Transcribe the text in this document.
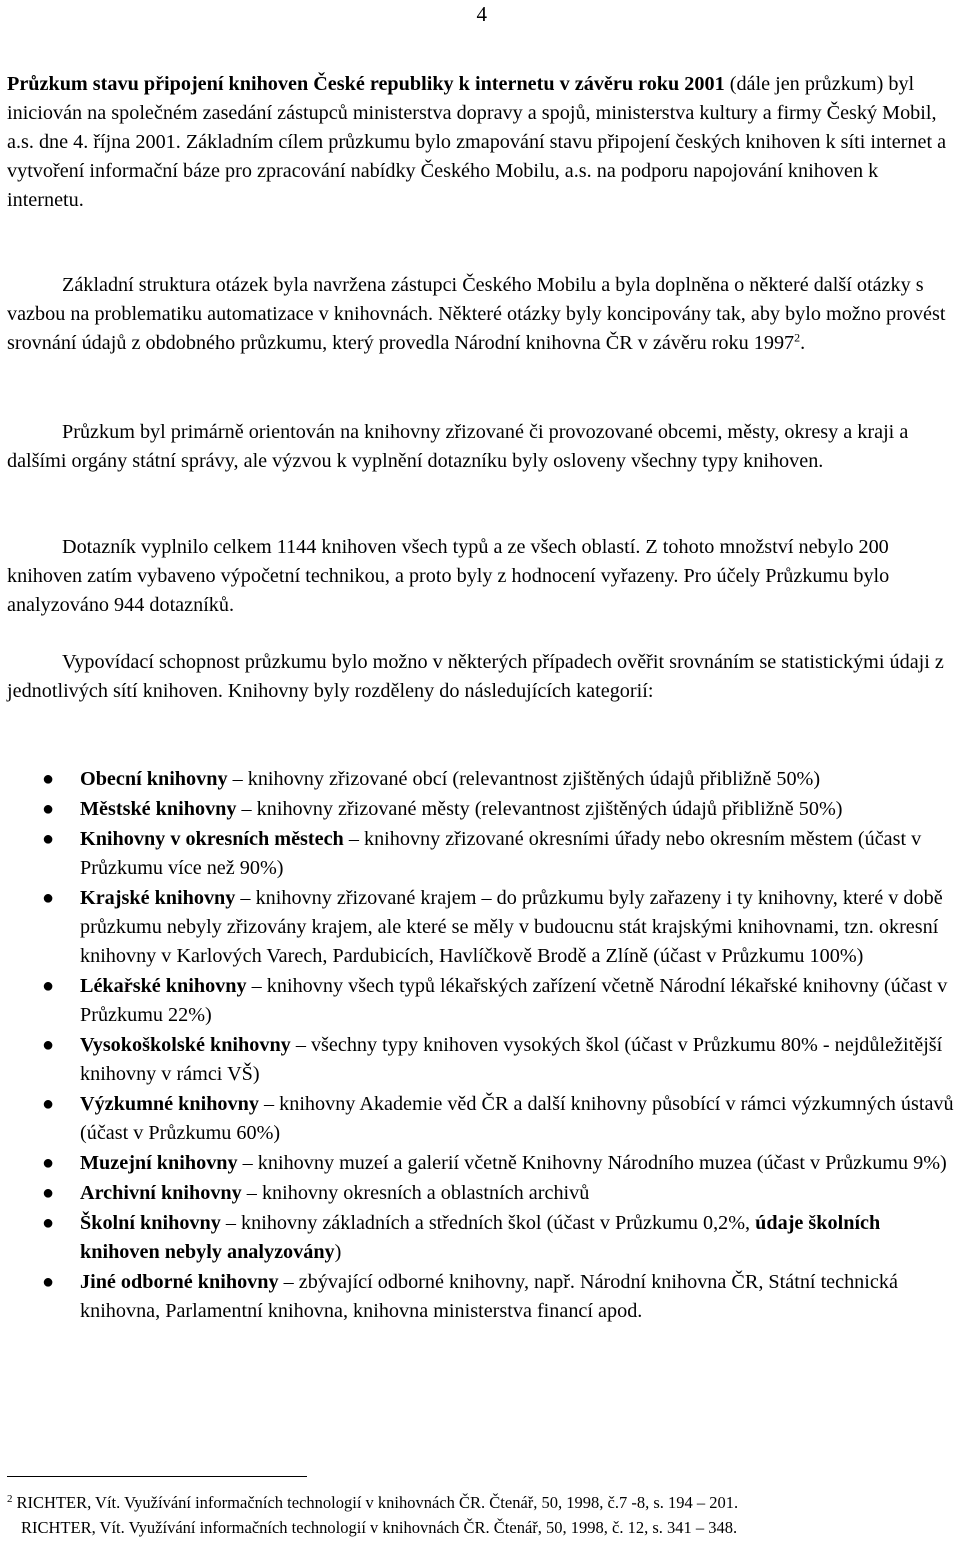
4

Průzkum stavu připojení knihoven České republiky k internetu v závěru roku 2001 (dále jen průzkum) byl iniciován na společném zasedání zástupců ministerstva dopravy a spojů, ministerstva kultury a firmy Český Mobil, a.s. dne 4. října 2001. Základním cílem průzkumu bylo zmapování stavu připojení českých knihoven k síti internet a vytvoření informační báze pro zpracování nabídky Českého Mobilu, a.s. na podporu napojování knihoven k internetu.

Základní struktura otázek byla navržena zástupci Českého Mobilu a byla doplněna o některé další otázky s vazbou na problematiku automatizace v knihovnách. Některé otázky byly koncipovány tak, aby bylo možno provést srovnání údajů z obdobného průzkumu, který provedla Národní knihovna ČR v závěru roku 1997$^2$.

Průzkum byl primárně orientován na knihovny zřizované či provozované obcemi, městy, okresy a kraji a dalšími orgány státní správy, ale výzvou k vyplnění dotazníku byly osloveny všechny typy knihoven.

Dotazník vyplnilo celkem 1144 knihoven všech typů a ze všech oblastí. Z tohoto množství nebylo 200 knihoven zatím vybaveno výpočetní technikou, a proto byly z hodnocení vyřazeny. Pro účely Průzkumu bylo analyzováno 944 dotazníků.

Vypovídací schopnost průzkumu bylo možno v některých případech ověřit srovnáním se statistickými údaji z jednotlivých sítí knihoven. Knihovny byly rozděleny do následujících kategorií:

● Obecní knihovny – knihovny zřizované obcí (relevantnost zjištěných údajů přibližně 50%)
● Městské knihovny – knihovny zřizované městy (relevantnost zjištěných údajů přibližně 50%)
● Knihovny v okresních městech – knihovny zřizované okresními úřady nebo okresním městem (účast v Průzkumu více než 90%)
● Krajské knihovny – knihovny zřizované krajem – do průzkumu byly zařazeny i ty knihovny, které v době průzkumu nebyly zřizovány krajem, ale které se měly v budoucnu stát krajskými knihovnami, tzn. okresní knihovny v Karlových Varech, Pardubicích, Havlíčkově Brodě a Zlíně (účast v Průzkumu 100%)
● Lékařské knihovny – knihovny všech typů lékařských zařízení včetně Národní lékařské knihovny (účast v Průzkumu 22%)
● Vysokoškolské knihovny – všechny typy knihoven vysokých škol (účast v Průzkumu 80% - nejdůležitější knihovny v rámci VŠ)
● Výzkumné knihovny – knihovny Akademie věd ČR a další knihovny působící v rámci výzkumných ústavů (účast v Průzkumu 60%)
● Muzejní knihovny – knihovny muzeí a galerií včetně Knihovny Národního muzea (účast v Průzkumu 9%)
● Archivní knihovny – knihovny okresních a oblastních archivů
● Školní knihovny – knihovny základních a středních škol (účast v Průzkumu 0,2%, údaje školních knihoven nebyly analyzovány)
● Jiné odborné knihovny – zbývající odborné knihovny, např. Národní knihovna ČR, Státní technická knihovna, Parlamentní knihovna, knihovna ministerstva financí apod.
$^2$ RICHTER, Vít. Využívání informačních technologií v knihovnách ČR. Čtenář, 50, 1998, č.7 -8, s. 194 – 201.
RICHTER, Vít. Využívání informačních technologií v knihovnách ČR. Čtenář, 50, 1998, č. 12, s. 341 – 348.
